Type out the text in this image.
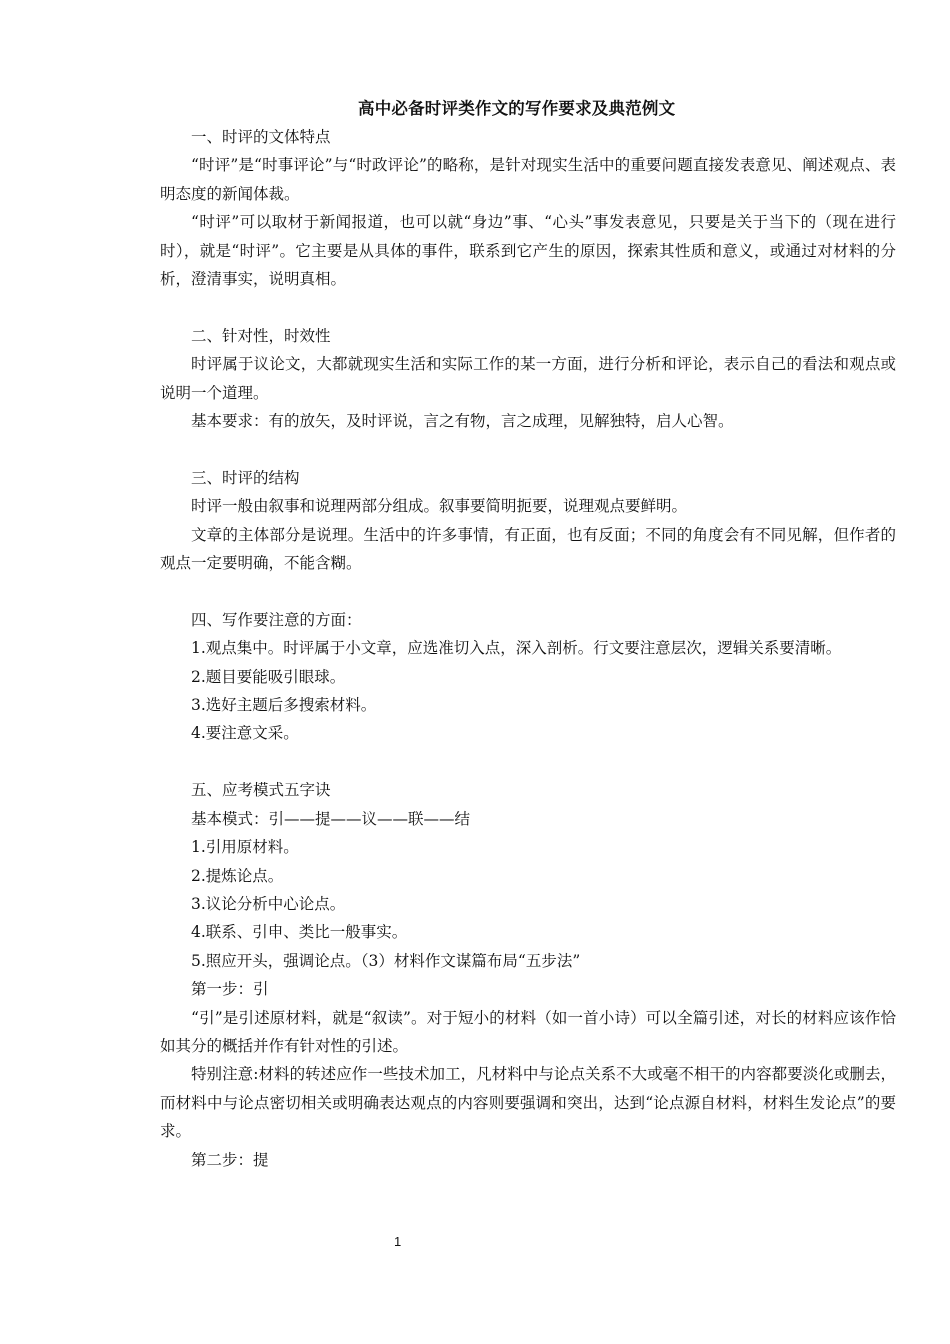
高中必备时评类作文的写作要求及典范例文

一、时评的文体特点

“时评”是“时事评论”与“时政评论”的略称，是针对现实生活中的重要问题直接发表意见、阐述观点、表明态度的新闻体裁。

“时评”可以取材于新闻报道，也可以就“身边”事、“心头”事发表意见，只要是关于当下的（现在进行时），就是“时评”。它主要是从具体的事件，联系到它产生的原因，探索其性质和意义，或通过对材料的分析，澄清事实，说明真相。

二、针对性，时效性

时评属于议论文，大都就现实生活和实际工作的某一方面，进行分析和评论，表示自己的看法和观点或说明一个道理。

基本要求：有的放矢，及时评说，言之有物，言之成理，见解独特，启人心智。

三、时评的结构

时评一般由叙事和说理两部分组成。叙事要简明扼要，说理观点要鲜明。

文章的主体部分是说理。生活中的许多事情，有正面，也有反面；不同的角度会有不同见解，但作者的观点一定要明确，不能含糊。

四、写作要注意的方面：

1.观点集中。时评属于小文章，应选准切入点，深入剖析。行文要注意层次，逻辑关系要清晰。

2.题目要能吸引眼球。

3.选好主题后多搜索材料。

4.要注意文采。

五、应考模式五字诀

基本模式：引——提——议——联——结

1.引用原材料。

2.提炼论点。

3.议论分析中心论点。

4.联系、引申、类比一般事实。

5.照应开头，强调论点。（3）材料作文谋篇布局“五步法”

第一步：引

“引”是引述原材料，就是“叙读”。对于短小的材料（如一首小诗）可以全篇引述，对长的材料应该作恰如其分的概括并作有针对性的引述。

特别注意:材料的转述应作一些技术加工，凡材料中与论点关系不大或毫不相干的内容都要淡化或删去，而材料中与论点密切相关或明确表达观点的内容则要强调和突出，达到“论点源自材料，材料生发论点”的要求。

第二步：提

1
